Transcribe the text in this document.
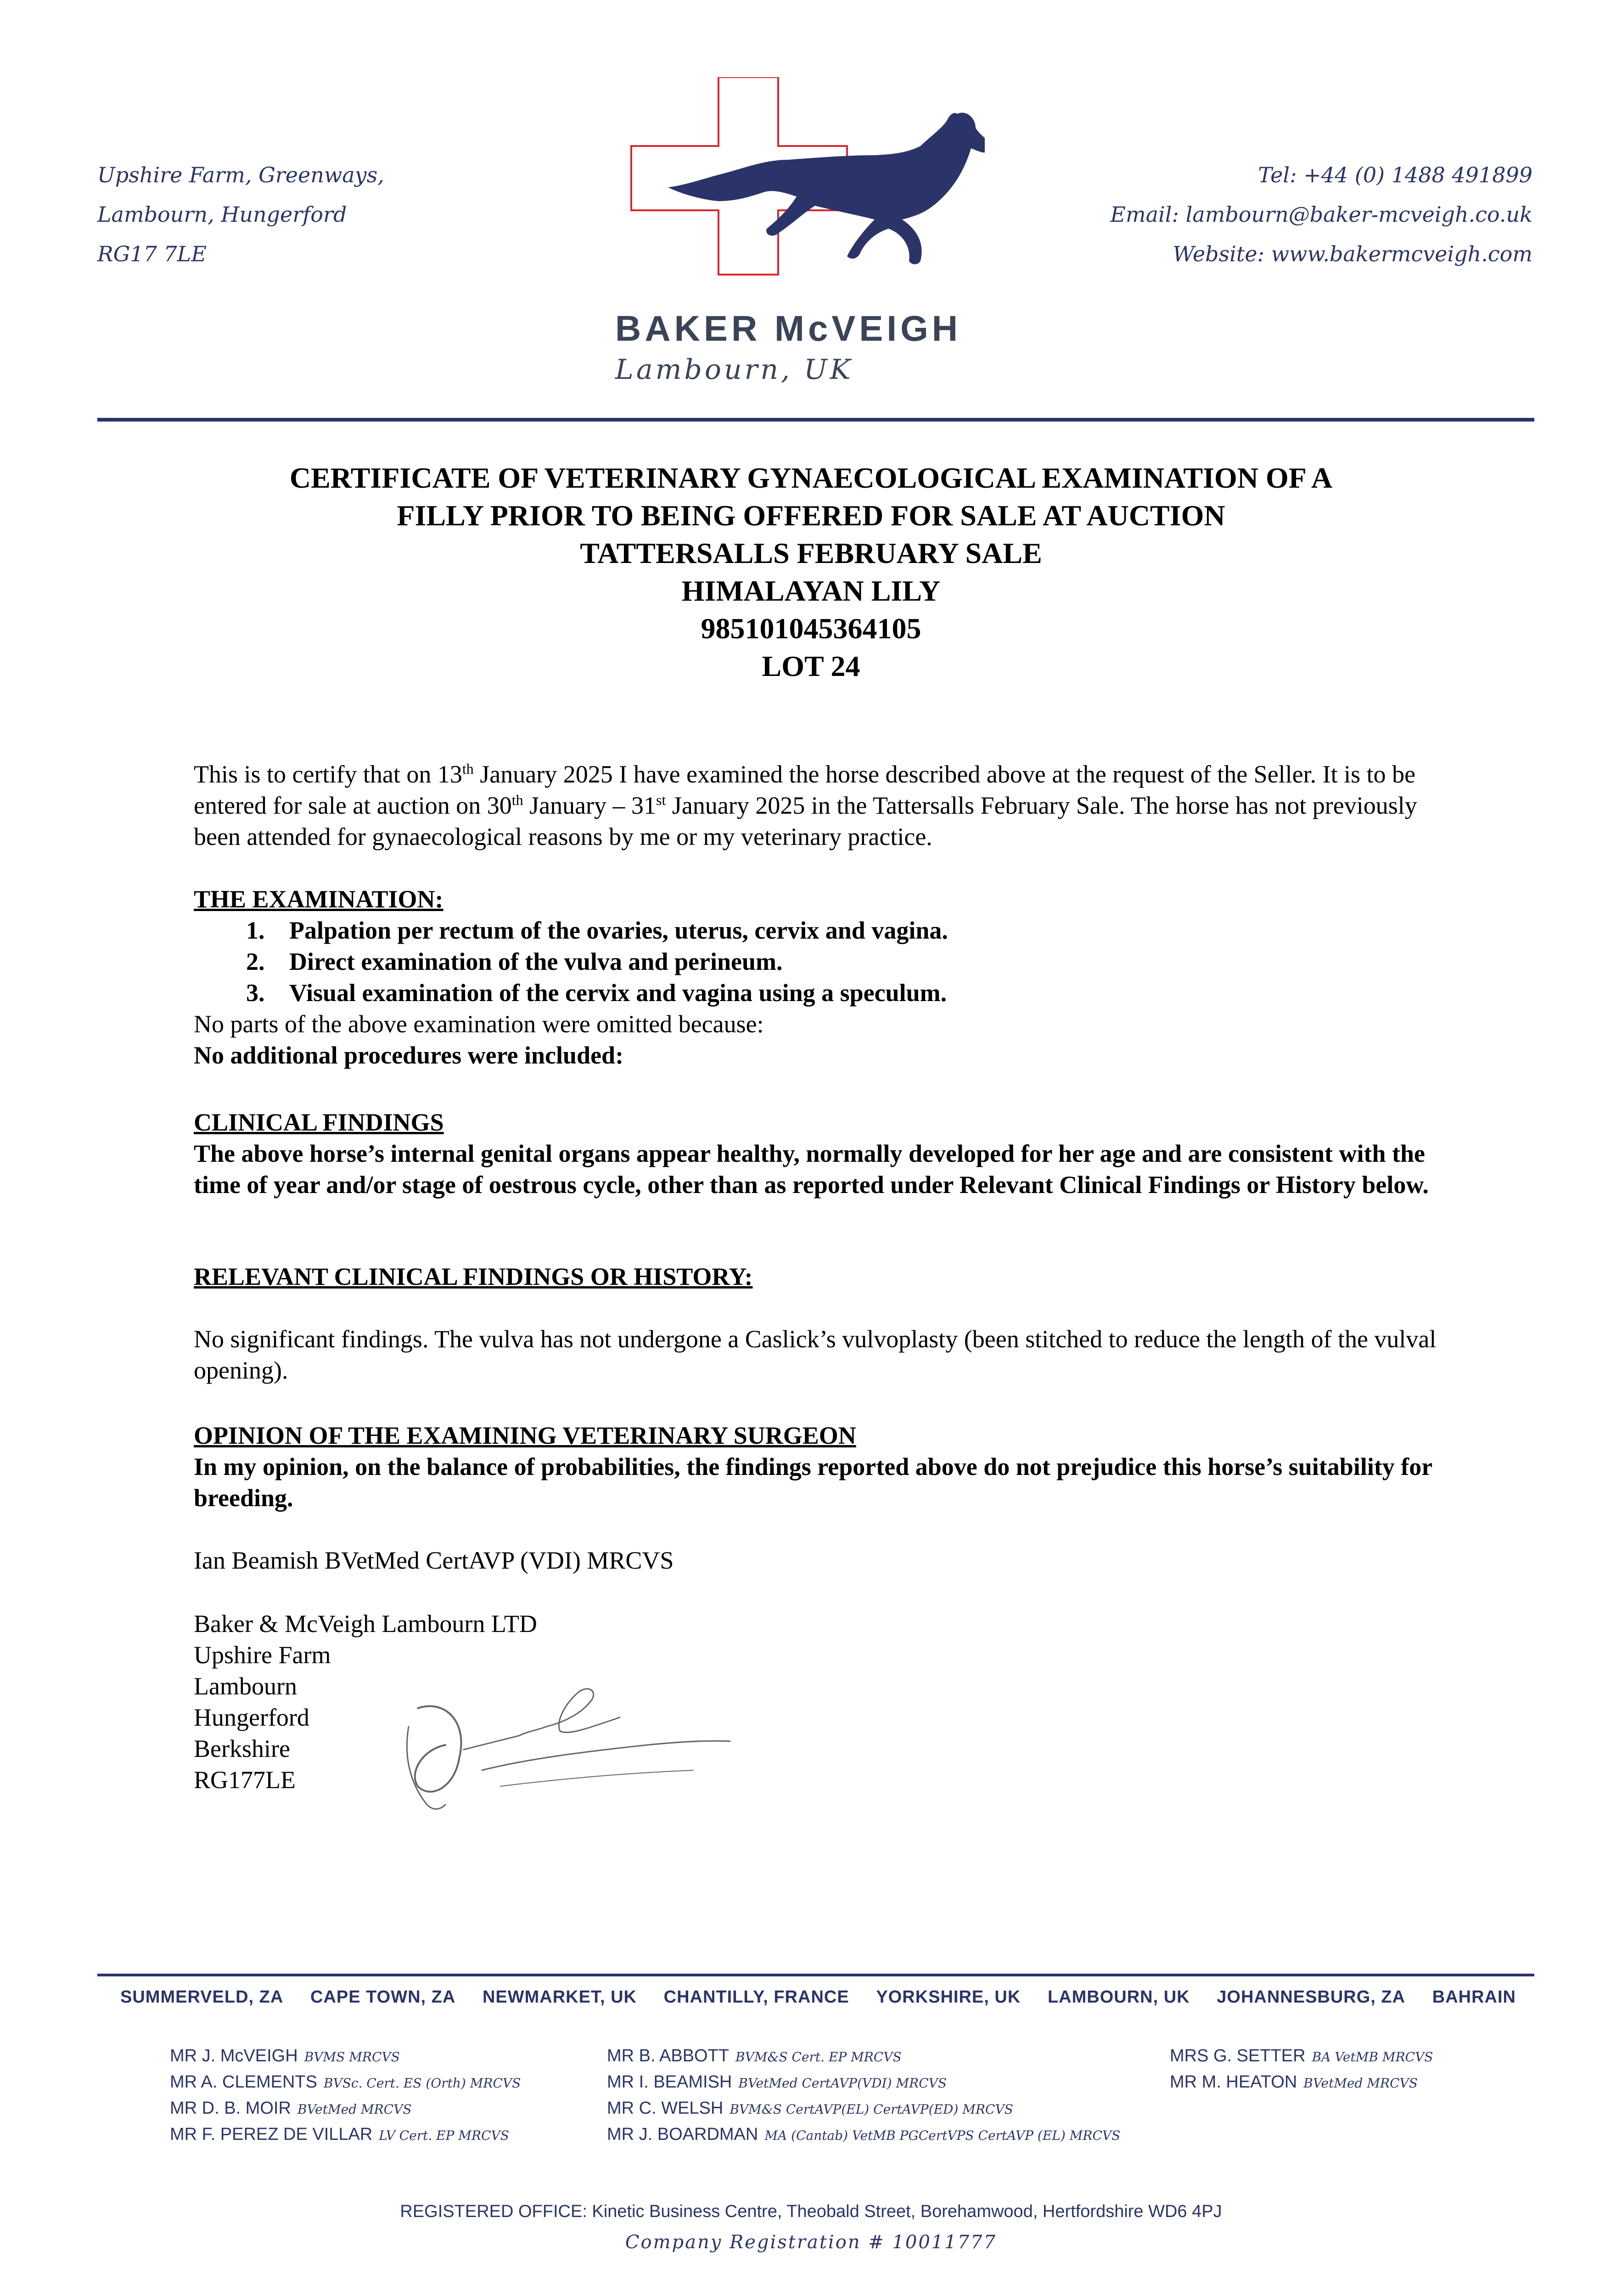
Upshire Farm, Greenways,
Lambourn, Hungerford
RG17 7LE
Tel: +44 (0) 1488 491899
Email: lambourn@baker-mcveigh.co.uk
Website: www.bakermcveigh.com
BAKER McVEIGH
Lambourn, UK
CERTIFICATE OF VETERINARY GYNAECOLOGICAL EXAMINATION OF A
FILLY PRIOR TO BEING OFFERED FOR SALE AT AUCTION
TATTERSALLS FEBRUARY SALE
HIMALAYAN LILY
985101045364105
LOT 24

This is to certify that on 13th January 2025 I have examined the horse described above at the request of the Seller. It is to be entered for sale at auction on 30th January – 31st January 2025 in the Tattersalls February Sale. The horse has not previously been attended for gynaecological reasons by me or my veterinary practice.

THE EXAMINATION:

1. Palpation per rectum of the ovaries, uterus, cervix and vagina.
2. Direct examination of the vulva and perineum.
3. Visual examination of the cervix and vagina using a speculum.

No parts of the above examination were omitted because:

No additional procedures were included:

CLINICAL FINDINGS

The above horse’s internal genital organs appear healthy, normally developed for her age and are consistent with the time of year and/or stage of oestrous cycle, other than as reported under Relevant Clinical Findings or History below.

RELEVANT CLINICAL FINDINGS OR HISTORY:

No significant findings. The vulva has not undergone a Caslick’s vulvoplasty (been stitched to reduce the length of the vulval opening).

OPINION OF THE EXAMINING VETERINARY SURGEON

In my opinion, on the balance of probabilities, the findings reported above do not prejudice this horse’s suitability for breeding.

Ian Beamish BVetMed CertAVP (VDI) MRCVS

Baker & McVeigh Lambourn LTD

Upshire Farm

Lambourn

Hungerford

Berkshire

RG177LE

SUMMERVELD, ZA CAPE TOWN, ZA NEWMARKET, UK CHANTILLY, FRANCE YORKSHIRE, UK LAMBOURN, UK JOHANNESBURG, ZA BAHRAIN
MR J. McVEIGH BVMS MRCVS
MR A. CLEMENTS BVSc. Cert. ES (Orth) MRCVS
MR D. B. MOIR BVetMed MRCVS
MR F. PEREZ DE VILLAR LV Cert. EP MRCVS
MR B. ABBOTT BVM&S Cert. EP MRCVS
MR I. BEAMISH BVetMed CertAVP(VDI) MRCVS
MR C. WELSH BVM&S CertAVP(EL) CertAVP(ED) MRCVS
MR J. BOARDMAN MA (Cantab) VetMB PGCertVPS CertAVP (EL) MRCVS
MRS G. SETTER BA VetMB MRCVS
MR M. HEATON BVetMed MRCVS
REGISTERED OFFICE: Kinetic Business Centre, Theobald Street, Borehamwood, Hertfordshire WD6 4PJ
Company Registration # 10011777
